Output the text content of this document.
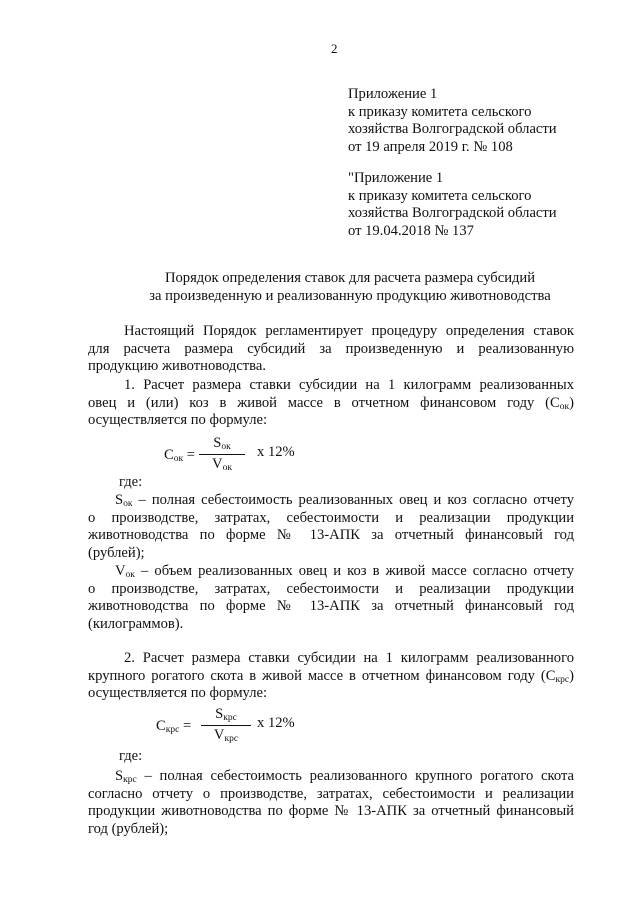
2
Приложение 1
к приказу комитета сельского
хозяйства Волгоградской области
от 19 апреля 2019 г. № 108
"Приложение 1
к приказу комитета сельского
хозяйства Волгоградской области
от 19.04.2018 № 137
Порядок определения ставок для расчета размера субсидий
за произведенную и реализованную продукцию животноводства
Настоящий Порядок регламентирует процедуру определения ставок
для расчета размера субсидий за произведенную и реализованную
продукцию животноводства.
1. Расчет размера ставки субсидии на 1 килограмм реализованных
овец и (или) коз в живой массе в отчетном финансовом году $(С_{ок})$
осуществляется по формуле:
$С_{ок}$ =
$S_{ок}$
$V_{ок}$
x 12%
где:
$S_{ок}$ – полная себестоимость реализованных овец и коз согласно отчету
о производстве, затратах, себестоимости и реализации продукции
животноводства по форме № 13-АПК за отчетный финансовый год
(рублей);
$V_{ок}$ – объем реализованных овец и коз в живой массе согласно отчету
о производстве, затратах, себестоимости и реализации продукции
животноводства по форме № 13-АПК за отчетный финансовый год
(килограммов).
2. Расчет размера ставки субсидии на 1 килограмм реализованного
крупного рогатого скота в живой массе в отчетном финансовом году $(С_{крс})$
осуществляется по формуле:
$С_{крс}$ =
$S_{крс}$
$V_{крс}$
x 12%
где:
$S_{крс}$ – полная себестоимость реализованного крупного рогатого скота
согласно отчету о производстве, затратах, себестоимости и реализации
продукции животноводства по форме № 13-АПК за отчетный финансовый
год (рублей);
